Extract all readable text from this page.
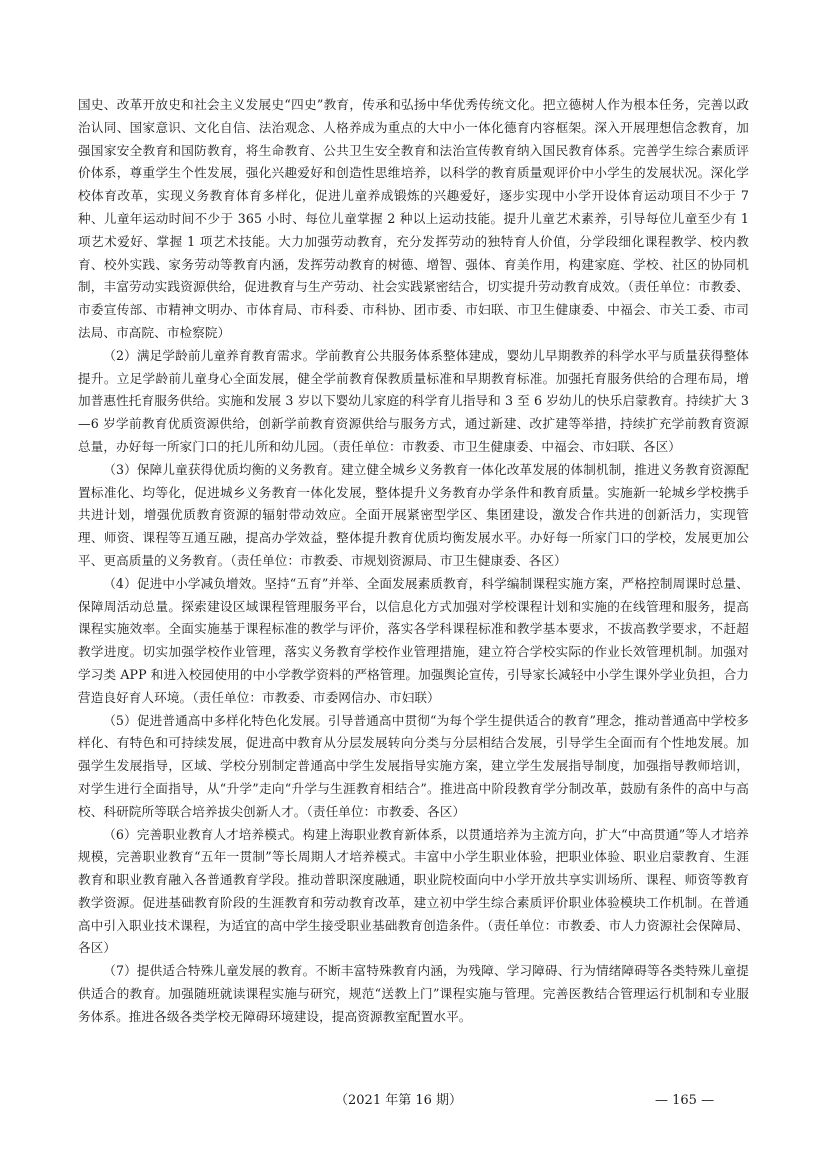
国史、改革开放史和社会主义发展史“四史”教育，传承和弘扬中华优秀传统文化。把立德树人作为根本任务，完善以政治认同、国家意识、文化自信、法治观念、人格养成为重点的大中小一体化德育内容框架。深入开展理想信念教育，加强国家安全教育和国防教育，将生命教育、公共卫生安全教育和法治宣传教育纳入国民教育体系。完善学生综合素质评价体系，尊重学生个性发展，强化兴趣爱好和创造性思维培养，以科学的教育质量观评价中小学生的发展状况。深化学校体育改革，实现义务教育体育多样化，促进儿童养成锻炼的兴趣爱好，逐步实现中小学开设体育运动项目不少于 7 种、儿童年运动时间不少于 365 小时、每位儿童掌握 2 种以上运动技能。提升儿童艺术素养，引导每位儿童至少有 1 项艺术爱好、掌握 1 项艺术技能。大力加强劳动教育，充分发挥劳动的独特育人价值，分学段细化课程教学、校内教育、校外实践、家务劳动等教育内涵，发挥劳动教育的树德、增智、强体、育美作用，构建家庭、学校、社区的协同机制，丰富劳动实践资源供给，促进教育与生产劳动、社会实践紧密结合，切实提升劳动教育成效。（责任单位：市教委、市委宣传部、市精神文明办、市体育局、市科委、市科协、团市委、市妇联、市卫生健康委、中福会、市关工委、市司法局、市高院、市检察院）

（2）满足学龄前儿童养育教育需求。学前教育公共服务体系整体建成，婴幼儿早期教养的科学水平与质量获得整体提升。立足学龄前儿童身心全面发展，健全学前教育保教质量标准和早期教育标准。加强托育服务供给的合理布局，增加普惠性托育服务供给。实施和发展 3 岁以下婴幼儿家庭的科学育儿指导和 3 至 6 岁幼儿的快乐启蒙教育。持续扩大 3—6 岁学前教育优质资源供给，创新学前教育资源供给与服务方式，通过新建、改扩建等举措，持续扩充学前教育资源总量，办好每一所家门口的托儿所和幼儿园。（责任单位：市教委、市卫生健康委、中福会、市妇联、各区）

（3）保障儿童获得优质均衡的义务教育。建立健全城乡义务教育一体化改革发展的体制机制，推进义务教育资源配置标准化、均等化，促进城乡义务教育一体化发展，整体提升义务教育办学条件和教育质量。实施新一轮城乡学校携手共进计划，增强优质教育资源的辐射带动效应。全面开展紧密型学区、集团建设，激发合作共进的创新活力，实现管理、师资、课程等互通互融，提高办学效益，整体提升教育优质均衡发展水平。办好每一所家门口的学校，发展更加公平、更高质量的义务教育。（责任单位：市教委、市规划资源局、市卫生健康委、各区）

（4）促进中小学减负增效。坚持“五育”并举、全面发展素质教育，科学编制课程实施方案，严格控制周课时总量、保障周活动总量。探索建设区域课程管理服务平台，以信息化方式加强对学校课程计划和实施的在线管理和服务，提高课程实施效率。全面实施基于课程标准的教学与评价，落实各学科课程标准和教学基本要求，不拔高教学要求，不赶超教学进度。切实加强学校作业管理，落实义务教育学校作业管理措施，建立符合学校实际的作业长效管理机制。加强对学习类 APP 和进入校园使用的中小学教学资料的严格管理。加强舆论宣传，引导家长减轻中小学生课外学业负担，合力营造良好育人环境。（责任单位：市教委、市委网信办、市妇联）

（5）促进普通高中多样化特色化发展。引导普通高中贯彻“为每个学生提供适合的教育”理念，推动普通高中学校多样化、有特色和可持续发展，促进高中教育从分层发展转向分类与分层相结合发展，引导学生全面而有个性地发展。加强学生发展指导，区域、学校分别制定普通高中学生发展指导实施方案，建立学生发展指导制度，加强指导教师培训，对学生进行全面指导，从“升学”走向“升学与生涯教育相结合”。推进高中阶段教育学分制改革，鼓励有条件的高中与高校、科研院所等联合培养拔尖创新人才。（责任单位：市教委、各区）

（6）完善职业教育人才培养模式。构建上海职业教育新体系，以贯通培养为主流方向，扩大“中高贯通”等人才培养规模，完善职业教育“五年一贯制”等长周期人才培养模式。丰富中小学生职业体验，把职业体验、职业启蒙教育、生涯教育和职业教育融入各普通教育学段。推动普职深度融通，职业院校面向中小学开放共享实训场所、课程、师资等教育教学资源。促进基础教育阶段的生涯教育和劳动教育改革，建立初中学生综合素质评价职业体验模块工作机制。在普通高中引入职业技术课程，为适宜的高中学生接受职业基础教育创造条件。（责任单位：市教委、市人力资源社会保障局、各区）

（7）提供适合特殊儿童发展的教育。不断丰富特殊教育内涵，为残障、学习障碍、行为情绪障碍等各类特殊儿童提供适合的教育。加强随班就读课程实施与研究，规范“送教上门”课程实施与管理。完善医教结合管理运行机制和专业服务体系。推进各级各类学校无障碍环境建设，提高资源教室配置水平。

（2021 年第 16 期）	— 165 —
